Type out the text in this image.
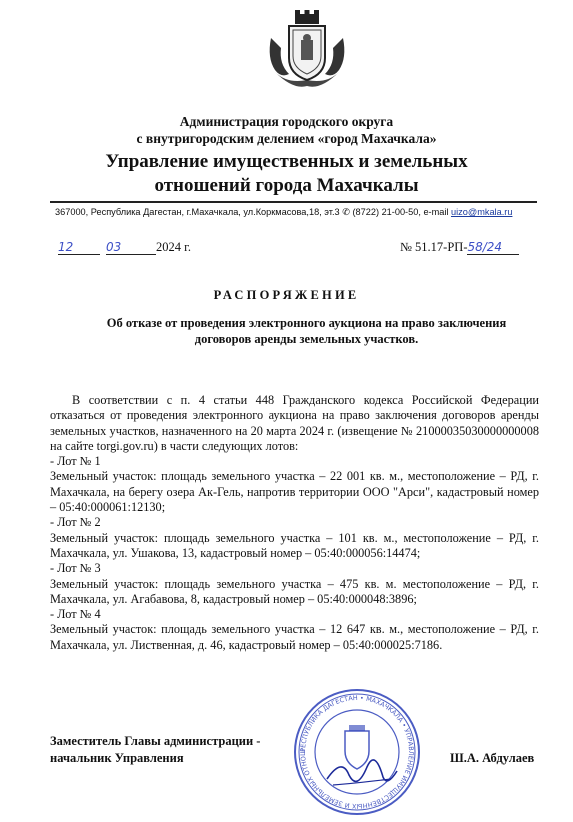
Администрация городского округа
с внутригородским делением «город Махачкала»
Управление имущественных и земельных
отношений города Махачкалы
367000, Республика Дагестан, г.Махачкала, ул.Коркмасова,18, эт.3 ✆ (8722) 21-00-50, e-mail uizo@mkala.ru
12	03	2024 г.	№ 51.17-РП-58/24
РАСПОРЯЖЕНИЕ
Об отказе от проведения электронного аукциона на право заключения
договоров аренды земельных участков.

В соответствии с п. 4 статьи 448 Гражданского кодекса Российской Федерации отказаться от проведения электронного аукциона на право заключения договоров аренды земельных участков, назначенного на 20 марта 2024 г. (извещение № 21000035030000000008 на сайте torgi.gov.ru) в части следующих лотов:

- Лот № 1

Земельный участок: площадь земельного участка – 22 001 кв. м., местоположение – РД, г. Махачкала, на берегу озера Ак-Гель, напротив территории ООО "Арси", кадастровый номер – 05:40:000061:12130;

- Лот № 2

Земельный участок: площадь земельного участка – 101 кв. м., местоположение – РД, г. Махачкала, ул. Ушакова, 13, кадастровый номер – 05:40:000056:14474;

- Лот № 3

Земельный участок: площадь земельного участка – 475 кв. м. местоположение – РД, г. Махачкала, ул. Агабавова, 8, кадастровый номер – 05:40:000048:3896;

- Лот № 4

Земельный участок: площадь земельного участка – 12 647 кв. м., местоположение – РД, г. Махачкала, ул. Лиственная, д. 46, кадастровый номер – 05:40:000025:7186.

Заместитель Главы администрации -
начальник Управления	Ш.А. Абдулаев
РЕСПУБЛИКА ДАГЕСТАН • МАХАЧКАЛА • УПРАВЛЕНИЕ ИМУЩЕСТВЕННЫХ И ЗЕМЕЛЬНЫХ ОТНОШ
